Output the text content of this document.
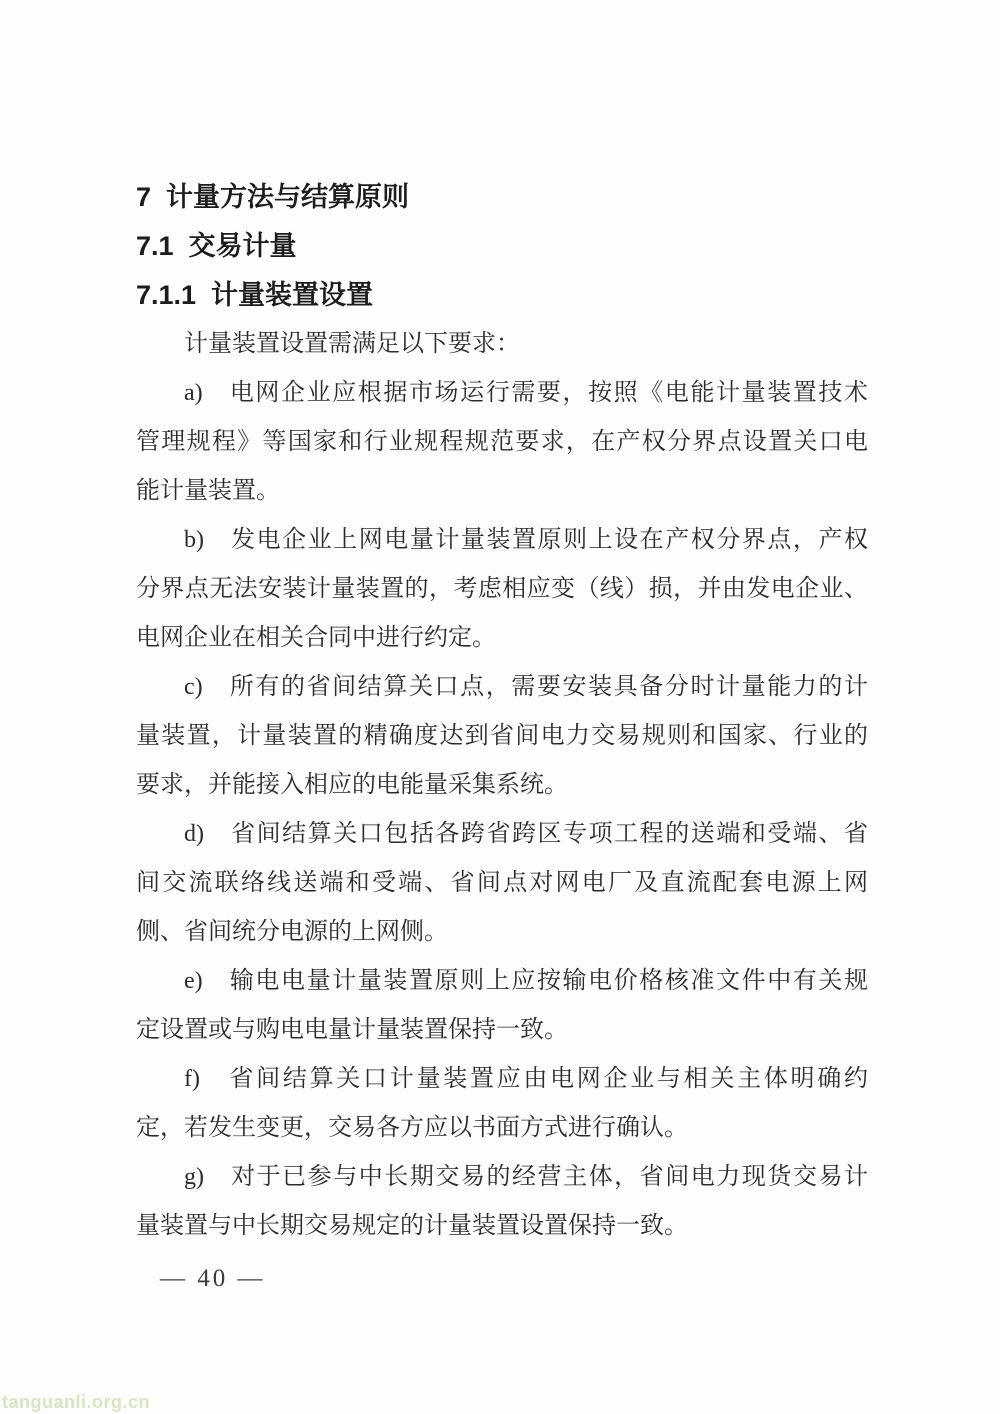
7  计量方法与结算原则
7.1  交易计量
7.1.1  计量装置设置
计量装置设置需满足以下要求：
a)　电网企业应根据市场运行需要，按照《电能计量装置技术
管理规程》等国家和行业规程规范要求，在产权分界点设置关口电
能计量装置。
b)　发电企业上网电量计量装置原则上设在产权分界点，产权
分界点无法安装计量装置的，考虑相应变（线）损，并由发电企业、
电网企业在相关合同中进行约定。
c)　所有的省间结算关口点，需要安装具备分时计量能力的计
量装置，计量装置的精确度达到省间电力交易规则和国家、行业的
要求，并能接入相应的电能量采集系统。
d)　省间结算关口包括各跨省跨区专项工程的送端和受端、省
间交流联络线送端和受端、省间点对网电厂及直流配套电源上网
侧、省间统分电源的上网侧。
e)　输电电量计量装置原则上应按输电价格核准文件中有关规
定设置或与购电电量计量装置保持一致。
f)　省间结算关口计量装置应由电网企业与相关主体明确约
定，若发生变更，交易各方应以书面方式进行确认。
g)　对于已参与中长期交易的经营主体，省间电力现货交易计
量装置与中长期交易规定的计量装置设置保持一致。
— 40 —
tanguanli.org.cn
